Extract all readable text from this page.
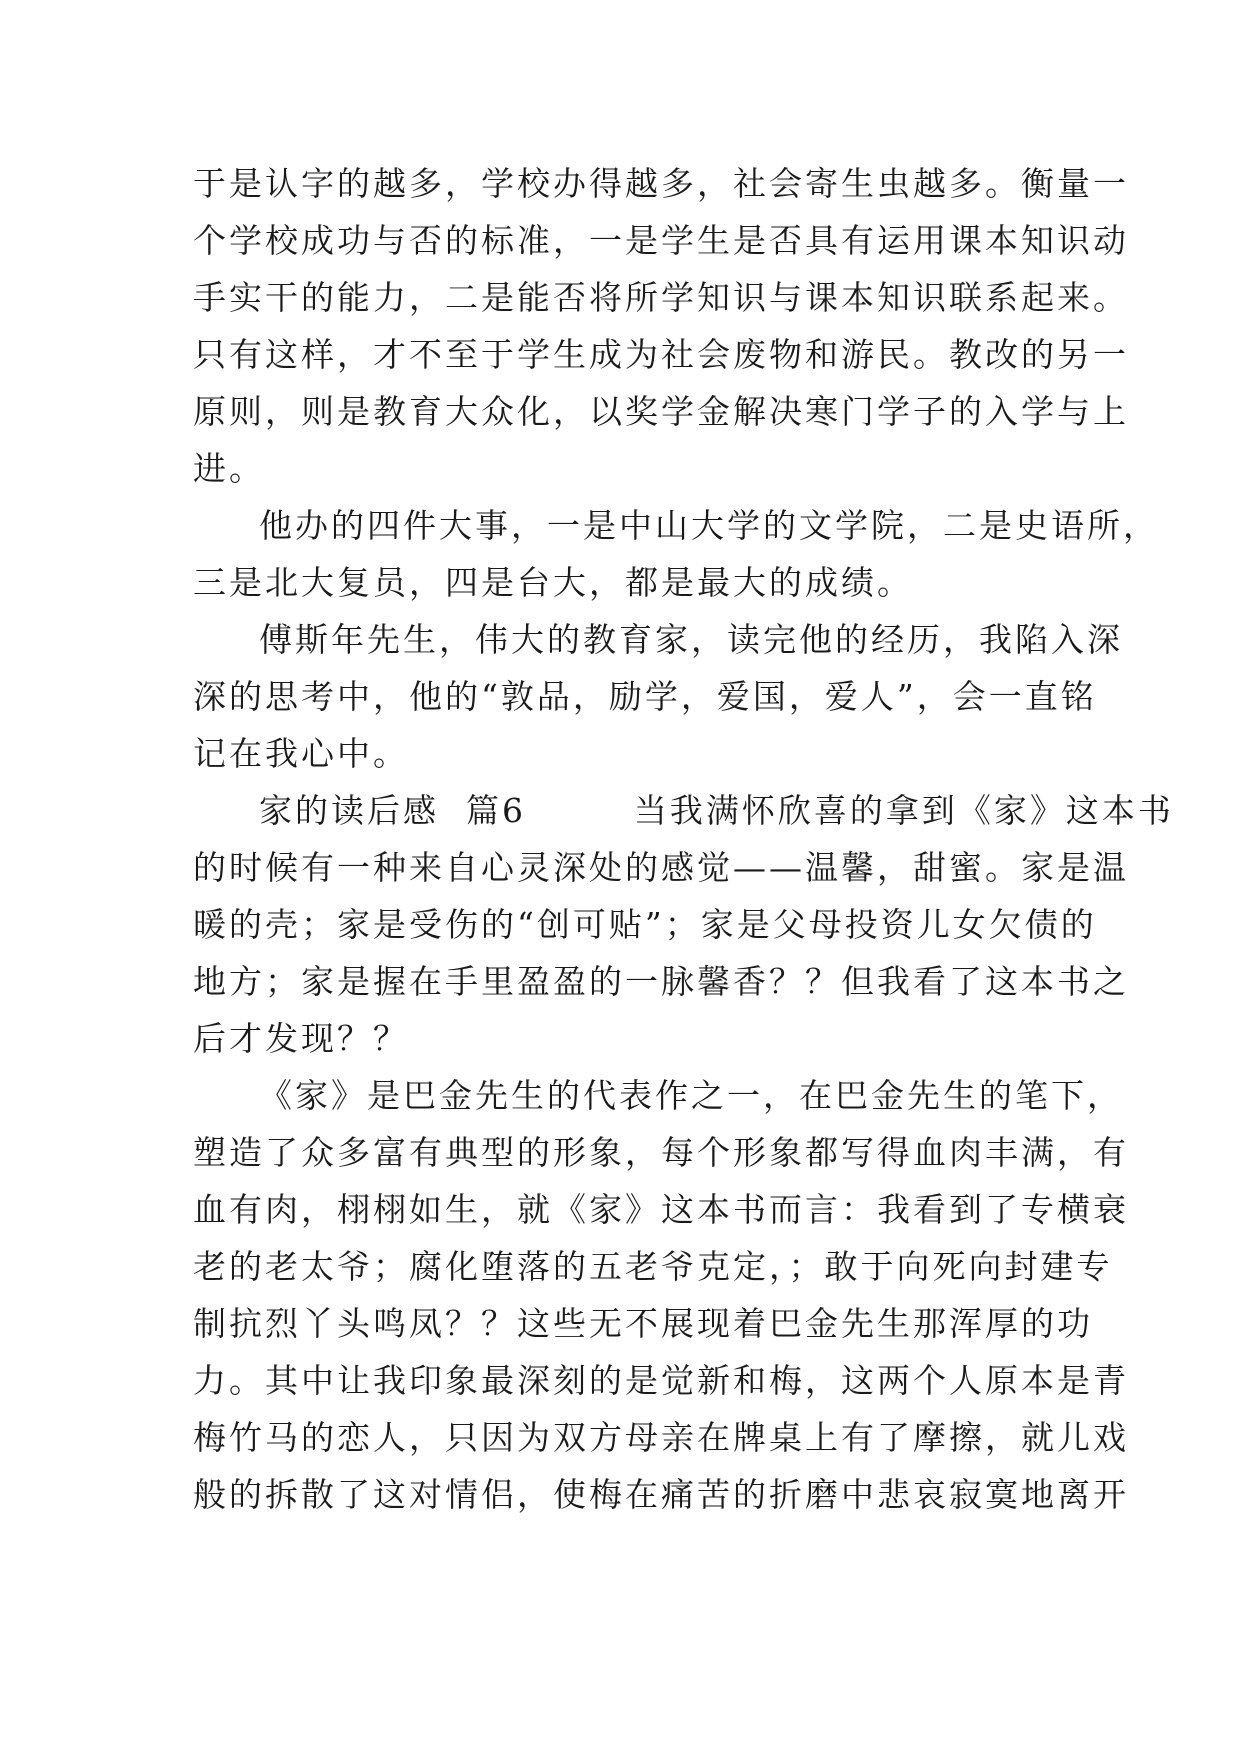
于是认字的越多，学校办得越多，社会寄生虫越多。衡量一
个学校成功与否的标准，一是学生是否具有运用课本知识动
手实干的能力，二是能否将所学知识与课本知识联系起来。
只有这样，才不至于学生成为社会废物和游民。教改的另一
原则，则是教育大众化，以奖学金解决寒门学子的入学与上
进。
他办的四件大事，一是中山大学的文学院，二是史语所，
三是北大复员，四是台大，都是最大的成绩。
傅斯年先生，伟大的教育家，读完他的经历，我陷入深
深的思考中，他的“敦品，励学，爱国，爱人”，会一直铭
记在我心中。
家的读后感  篇6        当我满怀欣喜的拿到《家》这本书
的时候有一种来自心灵深处的感觉——温馨，甜蜜。家是温
暖的壳；家是受伤的“创可贴”；家是父母投资儿女欠债的
地方；家是握在手里盈盈的一脉馨香？？但我看了这本书之
后才发现？？
《家》是巴金先生的代表作之一，在巴金先生的笔下，
塑造了众多富有典型的形象，每个形象都写得血肉丰满，有
血有肉，栩栩如生，就《家》这本书而言：我看到了专横衰
老的老太爷；腐化堕落的五老爷克定，；敢于向死向封建专
制抗烈丫头鸣凤？？这些无不展现着巴金先生那浑厚的功
力。其中让我印象最深刻的是觉新和梅，这两个人原本是青
梅竹马的恋人，只因为双方母亲在牌桌上有了摩擦，就儿戏
般的拆散了这对情侣，使梅在痛苦的折磨中悲哀寂寞地离开
